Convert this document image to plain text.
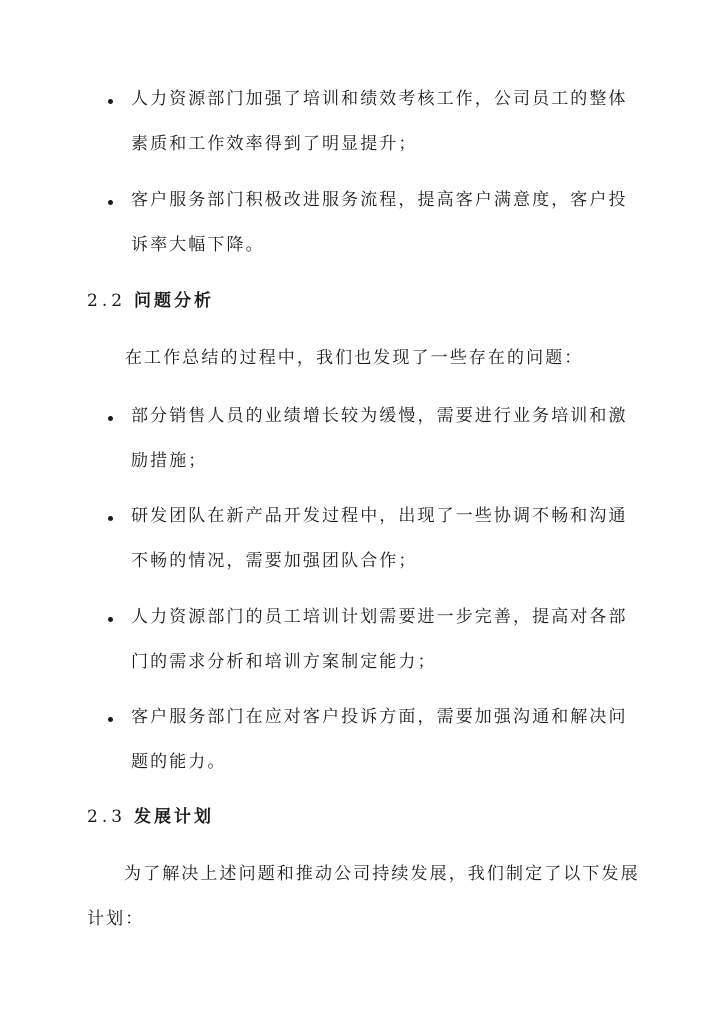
人力资源部门加强了培训和绩效考核工作，公司员工的整体
素质和工作效率得到了明显提升；
客户服务部门积极改进服务流程，提高客户满意度，客户投
诉率大幅下降。
2.2 问题分析
在工作总结的过程中，我们也发现了一些存在的问题：
部分销售人员的业绩增长较为缓慢，需要进行业务培训和激
励措施；
研发团队在新产品开发过程中，出现了一些协调不畅和沟通
不畅的情况，需要加强团队合作；
人力资源部门的员工培训计划需要进一步完善，提高对各部
门的需求分析和培训方案制定能力；
客户服务部门在应对客户投诉方面，需要加强沟通和解决问
题的能力。
2.3 发展计划
为了解决上述问题和推动公司持续发展，我们制定了以下发展
计划：
